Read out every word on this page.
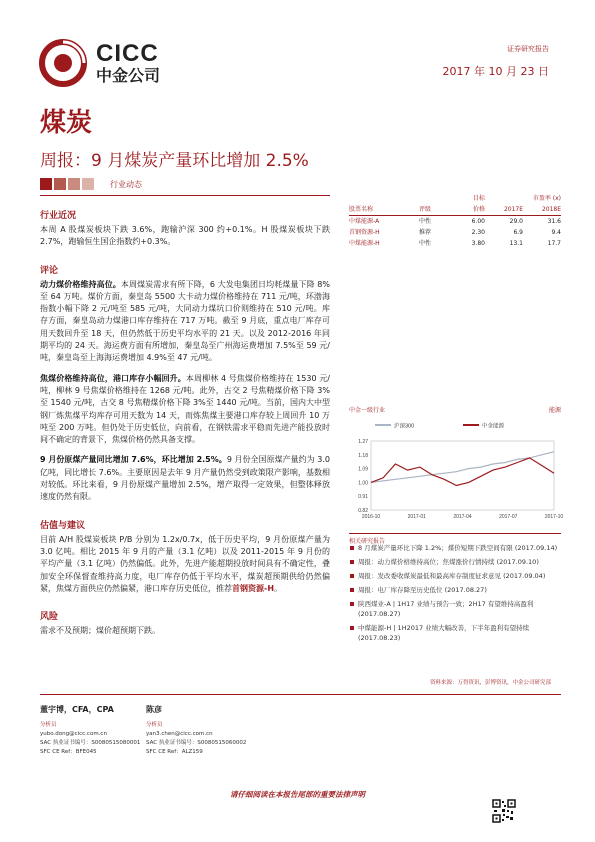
CICC
中金公司
证券研究报告
2017 年 10 月 23 日
煤炭
周报：9 月煤炭产量环比增加 2.5%
行业动态
行业近况
本周 A 股煤炭板块下跌 3.6%，跑输沪深 300 约+0.1%。H 股煤炭板块下跌 2.7%，跑输恒生国企指数约+0.3%。
评论
动力煤价格维持高位。本周煤炭需求有所下降，6 大发电集团日均耗煤量下降 8%至 64 万吨。煤价方面，秦皇岛 5500 大卡动力煤价格维持在 711 元/吨，环渤海指数小幅下降 2 元/吨至 585 元/吨，大同动力煤坑口价则维持在 510 元/吨。库存方面，秦皇岛动力煤港口库存维持在 717 万吨。截至 9 月底，重点电厂库存可用天数回升至 18 天，但仍然低于历史平均水平的 21 天。以及 2012-2016 年同期平均的 24 天。海运费方面有所增加，秦皇岛至广州海运费增加 7.5%至 59 元/吨，秦皇岛至上海海运费增加 4.9%至 47 元/吨。
焦煤价格维持高位，港口库存小幅回升。本周柳林 4 号焦煤价格维持在 1530 元/吨，柳林 9 号焦煤价格维持在 1268 元/吨。此外，古交 2 号焦精煤价格下降 3%至 1540 元/吨，古交 8 号焦精煤价格下降 3%至 1440 元/吨。当前，国内大中型钢厂炼焦煤平均库存可用天数为 14 天，而炼焦煤主要港口库存较上周回升 10 万吨至 200 万吨。但仍处于历史低位，向前看，在钢铁需求平稳而先进产能投放时间不确定的背景下，焦煤价格仍然具备支撑。
9 月份原煤产量同比增加 7.6%，环比增加 2.5%。9 月份全国原煤产量约为 3.0 亿吨，同比增长 7.6%。主要原因是去年 9 月产量仍然受到政策限产影响，基数相对较低。环比来看，9 月份原煤产量增加 2.5%，增产取得一定效果，但整体释放速度仍然有限。
估值与建议
目前 A/H 股煤炭板块 P/B 分别为 1.2x/0.7x，低于历史平均，9 月份原煤产量为 3.0 亿吨。相比 2015 年 9 月的产量（3.1 亿吨）以及 2011-2015 年 9 月份的平均产量（3.1 亿吨）仍然偏低。此外，先进产能超期投放时间具有不确定性，叠加安全环保督查维持高力度，电厂库存仍低于平均水平，煤炭超预期供给仍然偏紧，焦煤方面供应仍然偏紧，港口库存历史低位，推荐首钢资源-H。
风险
需求不及预期；煤价超预期下跌。
		目标	市盈率 (x)	
股票名称	评级	价格	2017E	2018E
中煤能源-A	中性	6.00	29.0	31.6
首钢资源-H	推荐	2.30	6.9	9.4
中煤能源-H	中性	3.80	13.1	17.7
中金一级行业	能源
沪深300	中金能源
0.82
0.91
1.00
1.09
1.18
1.27
2016-10	2017-01	2017-04	2017-07	2017-10
相关研究报告
8 月煤炭产量环比下降 1.2%；煤价短期下跌空间有限 (2017.09.14)
周报：动力煤价格维持高位；焦煤涨价行情持续 (2017.09.10)
周报：发改委收煤炭最低和最高库存制度征求意见 (2017.09.04)
周报：电厂库存降至历史低位 (2017.08.27)
陕西煤业-A | 1H17 业绩与预告一致；2H17 有望维持高盈利 (2017.08.27)
中煤能源-H | 1H2017 业绩大幅改善，下半年盈利有望持续 (2017.08.23)
资料来源：万得资讯，彭博资讯，中金公司研究部
董宇博，CFA，CPA	陈彦
分析员
yubo.dong@cicc.com.cn
SAC 执业证书编号：S0080515080001
SFC CE Ref：BFE045
分析员
yan3.chen@cicc.com.cn
SAC 执业证书编号：S0080515060002
SFC CE Ref：ALZ159
请仔细阅读在本报告尾部的重要法律声明
